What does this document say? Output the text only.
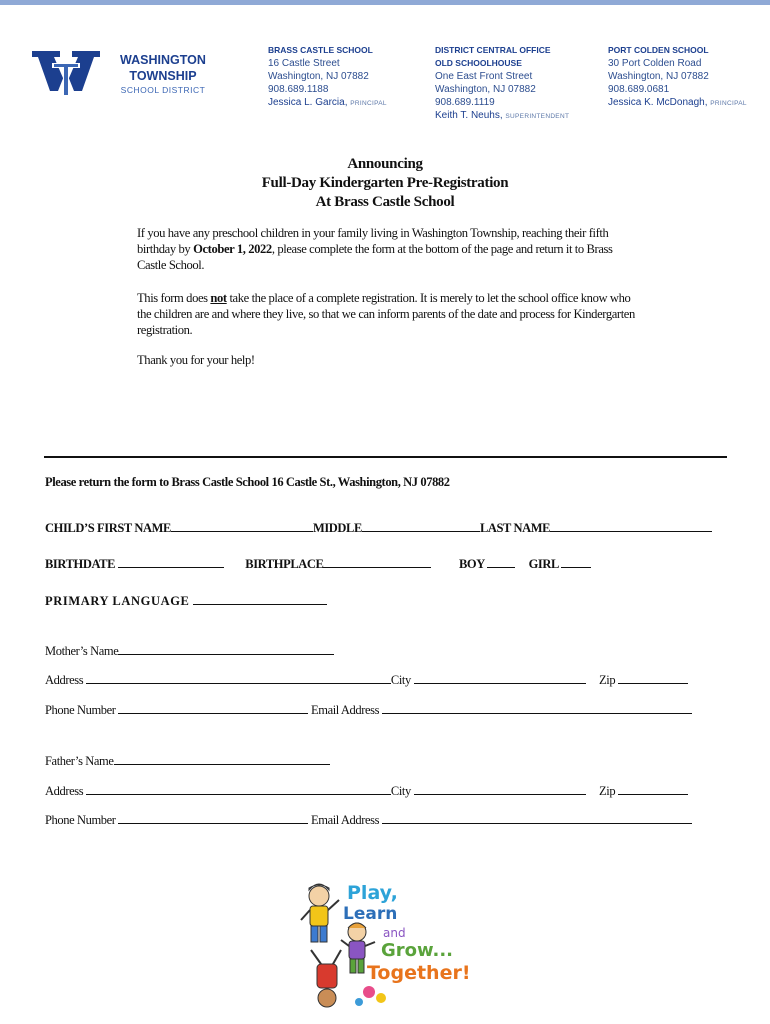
WASHINGTON
TOWNSHIP
SCHOOL DISTRICT
BRASS CASTLE SCHOOL
16 Castle Street
Washington, NJ 07882
908.689.1188
Jessica L. Garcia, PRINCIPAL
DISTRICT CENTRAL OFFICE
OLD SCHOOLHOUSE
One East Front Street
Washington, NJ 07882
908.689.1119
Keith T. Neuhs, SUPERINTENDENT
PORT COLDEN SCHOOL
30 Port Colden Road
Washington, NJ 07882
908.689.0681
Jessica K. McDonagh, PRINCIPAL
Announcing
Full-Day Kindergarten Pre-Registration
At Brass Castle School
If you have any preschool children in your family living in Washington Township, reaching their fifth birthday by October 1, 2022, please complete the form at the bottom of the page and return it to Brass Castle School.
This form does not take the place of a complete registration. It is merely to let the school office know who the children are and where they live, so that we can inform parents of the date and process for Kindergarten registration.
Thank you for your help!
Please return the form to Brass Castle School 16 Castle St., Washington, NJ 07882
CHILD’S FIRST NAME	MIDDLE	LAST NAME
BIRTHDATE	BIRTHPLACE	BOY	GIRL
PRIMARY LANGUAGE
Mother’s Name
Address	City	Zip
Phone Number	Email Address
Father’s Name
Address	City	Zip
Phone Number	Email Address
Play,
Learn
and
Grow...
Together!
